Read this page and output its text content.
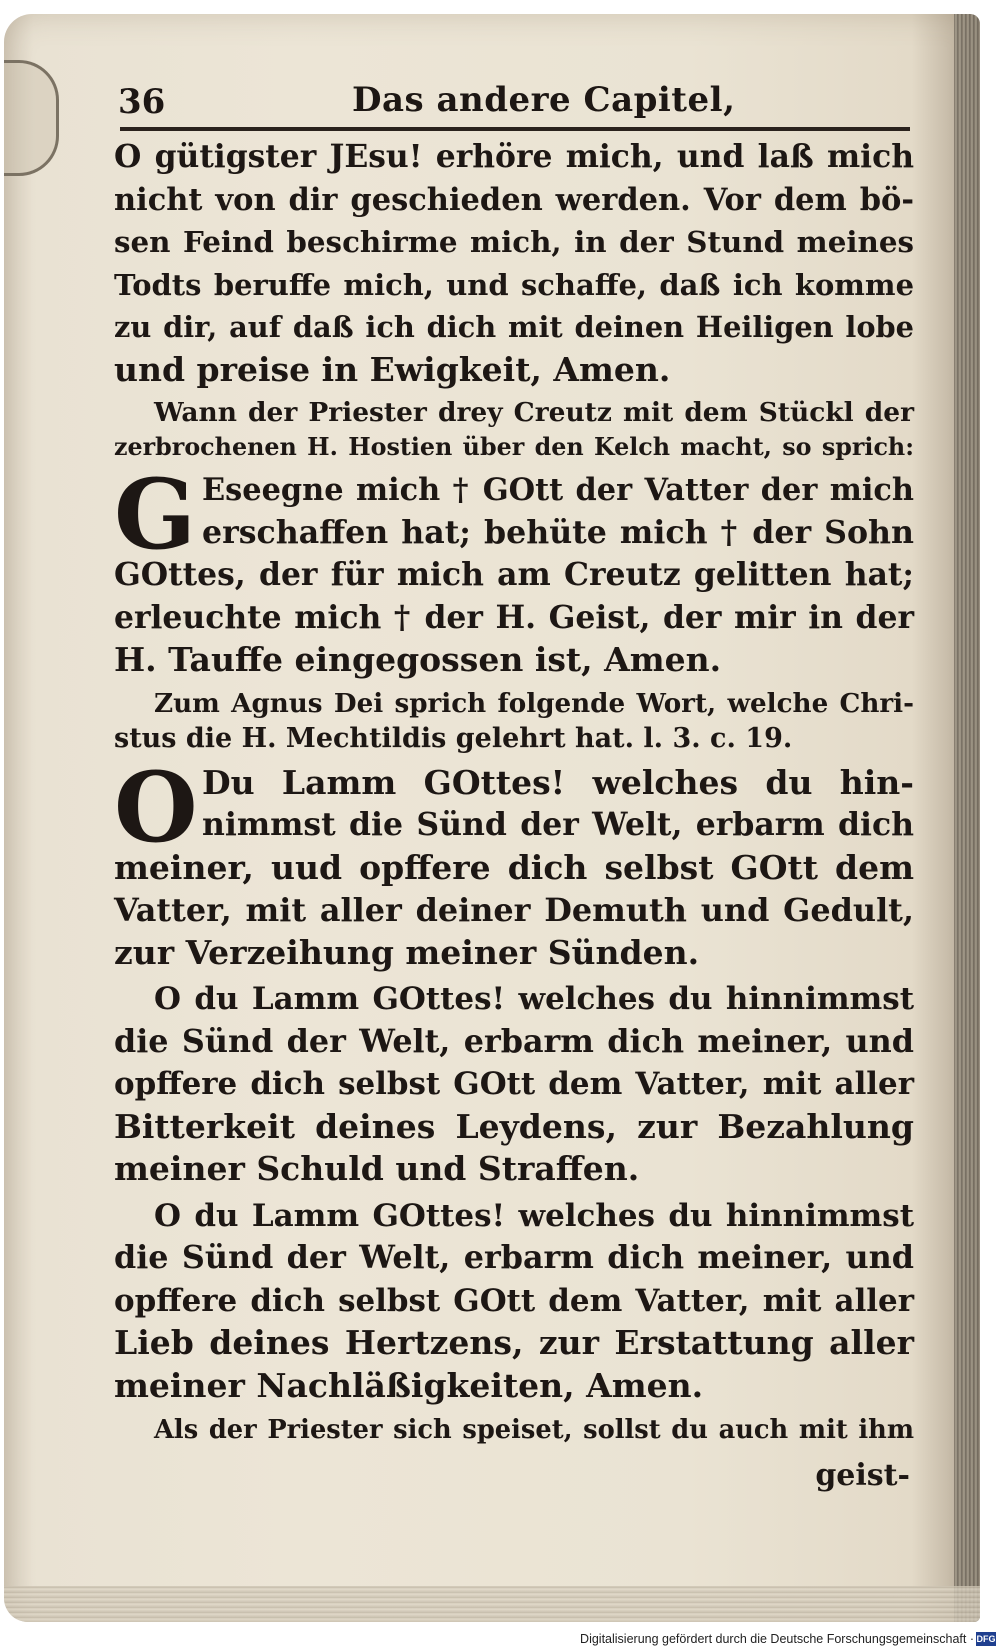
36	Das andere Capitel,
O gütigster JEsu! erhöre mich, und laß mich
nicht von dir geschieden werden. Vor dem bö-
sen Feind beschirme mich, in der Stund meines
Todts beruffe mich, und schaffe, daß ich komme
zu dir, auf daß ich dich mit deinen Heiligen lobe
und preise in Ewigkeit, Amen.
Wann der Priester drey Creutz mit dem Stückl der
zerbrochenen H. Hostien über den Kelch macht, so sprich:
G Eseegne mich † GOtt der Vatter der mich
erschaffen hat; behüte mich † der Sohn
GOttes, der für mich am Creutz gelitten hat;
erleuchte mich † der H. Geist, der mir in der
H. Tauffe eingegossen ist, Amen.
Zum Agnus Dei sprich folgende Wort, welche Chri-
stus die H. Mechtildis gelehrt hat. l. 3. c. 19.
O Du Lamm GOttes! welches du hin-
nimmst die Sünd der Welt, erbarm dich
meiner, uud opffere dich selbst GOtt dem
Vatter, mit aller deiner Demuth und Gedult,
zur Verzeihung meiner Sünden.
O du Lamm GOttes! welches du hinnimmst
die Sünd der Welt, erbarm dich meiner, und
opffere dich selbst GOtt dem Vatter, mit aller
Bitterkeit deines Leydens, zur Bezahlung
meiner Schuld und Straffen.
O du Lamm GOttes! welches du hinnimmst
die Sünd der Welt, erbarm dich meiner, und
opffere dich selbst GOtt dem Vatter, mit aller
Lieb deines Hertzens, zur Erstattung aller
meiner Nachläßigkeiten, Amen.
Als der Priester sich speiset, sollst du auch mit ihm
geist-
Digitalisierung gefördert durch die Deutsche Forschungsgemeinschaft · DFG
